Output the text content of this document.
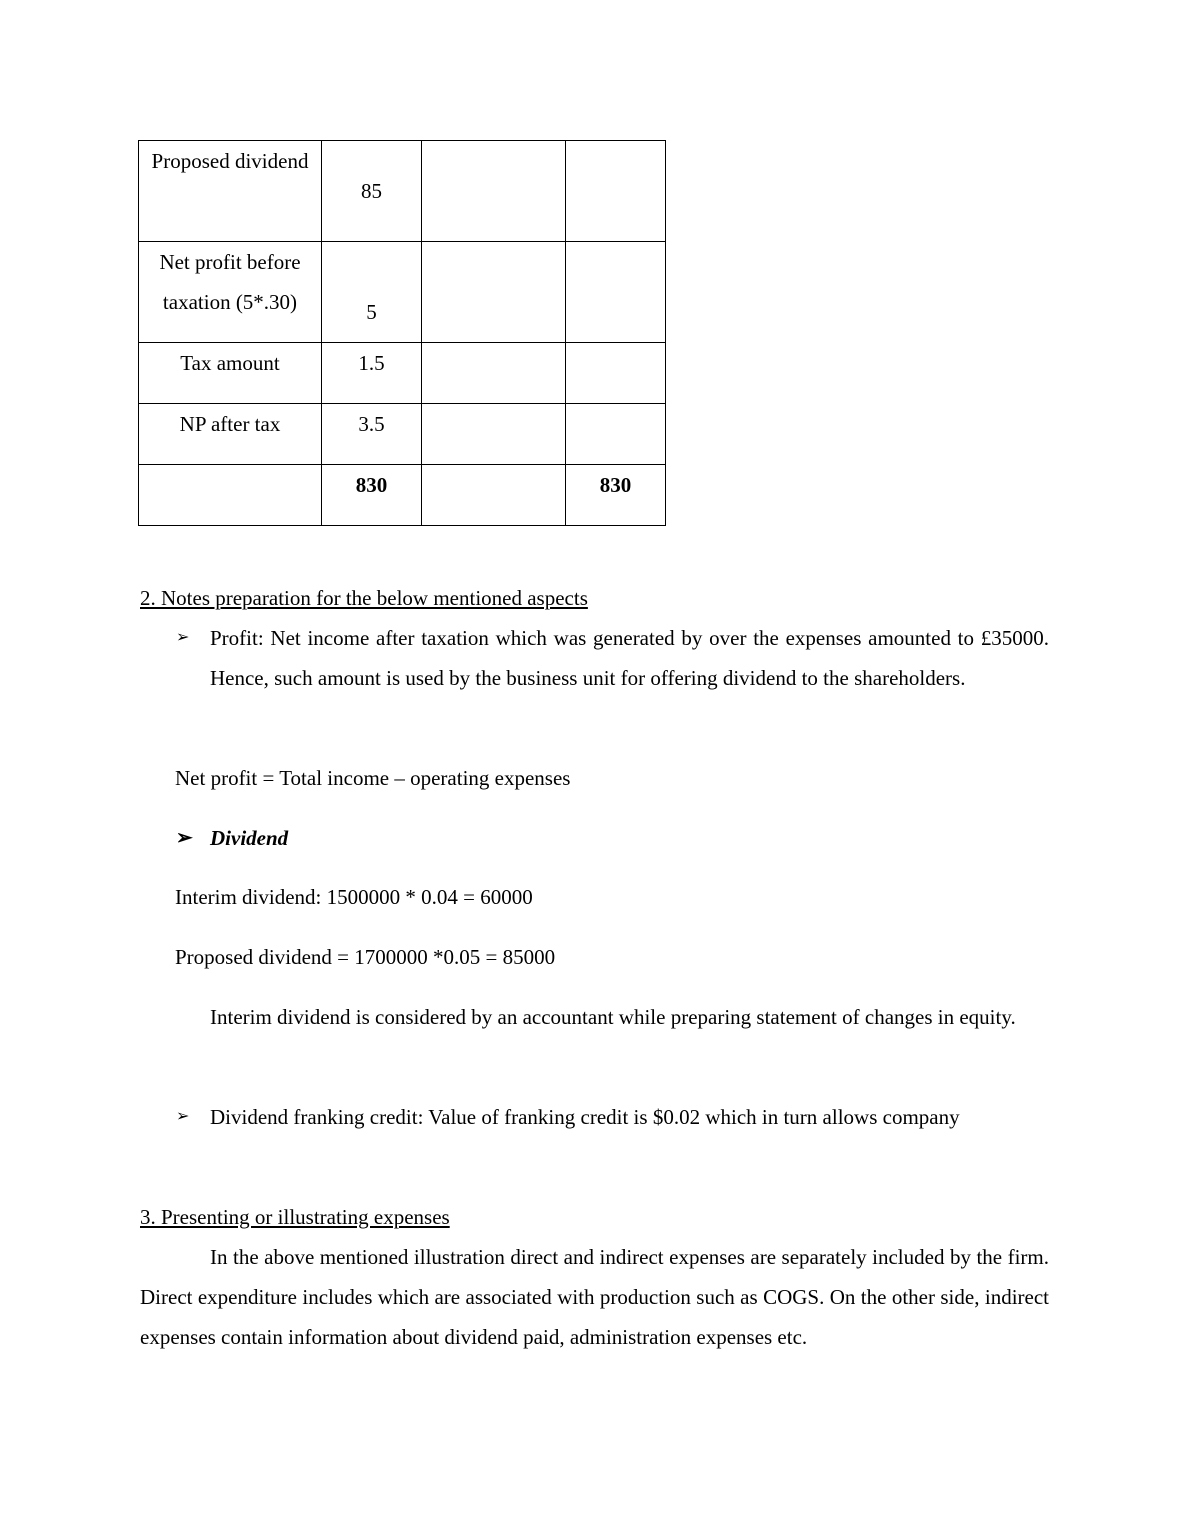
Proposed dividend	85		
Net profit before taxation (5*.30)	5		
Tax amount	1.5		
NP after tax	3.5		
	830		830
2. Notes preparation for the below mentioned aspects
➢ Profit: Net income after taxation which was generated by over the expenses amounted to £35000. Hence, such amount is used by the business unit for offering dividend to the shareholders.
Net profit = Total income – operating expenses
➢ Dividend
Interim dividend: 1500000 * 0.04 = 60000
Proposed dividend = 1700000 *0.05 = 85000
Interim dividend is considered by an accountant while preparing statement of changes in equity.
➢ Dividend franking credit: Value of franking credit is $0.02 which in turn allows company
3. Presenting or illustrating expenses
In the above mentioned illustration direct and indirect expenses are separately included by the firm. Direct expenditure includes which are associated with production such as COGS. On the other side, indirect expenses contain information about dividend paid, administration expenses etc.
